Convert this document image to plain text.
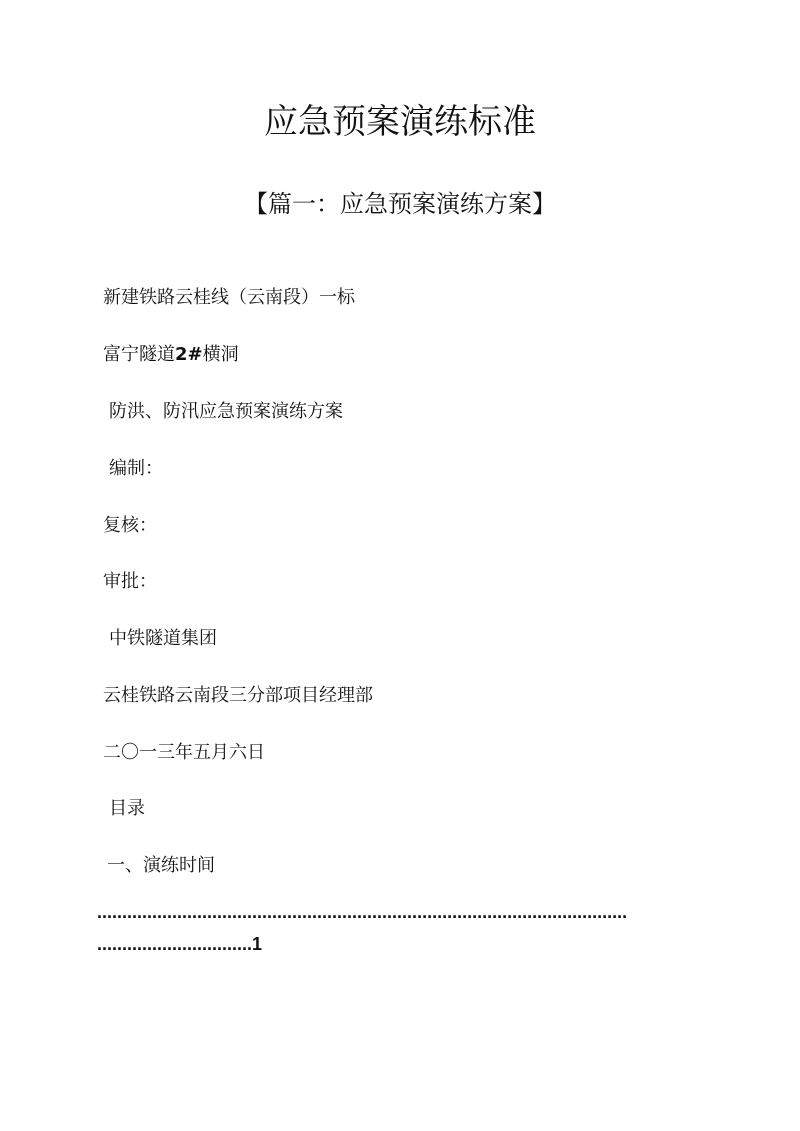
应急预案演练标准
【篇一：应急预案演练方案】
新建铁路云桂线（云南段）一标
富宁隧道2#横洞
防洪、防汛应急预案演练方案
编制：
复核：
审批：
中铁隧道集团
云桂铁路云南段三分部项目经理部
二〇一三年五月六日
目录
一、演练时间
..........................................................................................................
...............................1
